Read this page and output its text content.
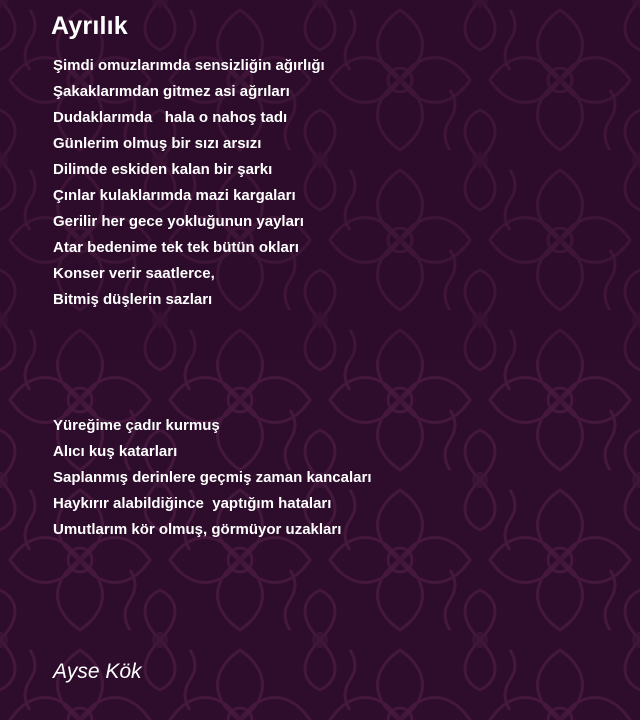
Ayrılık
Şimdi omuzlarımda sensizliğin ağırlığı
Şakaklarımdan gitmez asi ağrıları
Dudaklarımda   hala o nahoş tadı
Günlerim olmuş bir sızı arsızı
Dilimde eskiden kalan bir şarkı
Çınlar kulaklarımda mazi kargaları
Gerilir her gece yokluğunun yayları
Atar bedenime tek tek bütün okları
Konser verir saatlerce,
Bitmiş düşlerin sazları
Yüreğime çadır kurmuş
Alıcı kuş katarları
Saplanmış derinlere geçmiş zaman kancaları
Haykırır alabildiğince  yaptığım hataları
Umutlarım kör olmuş, görmüyor uzakları

Ayse Kök
